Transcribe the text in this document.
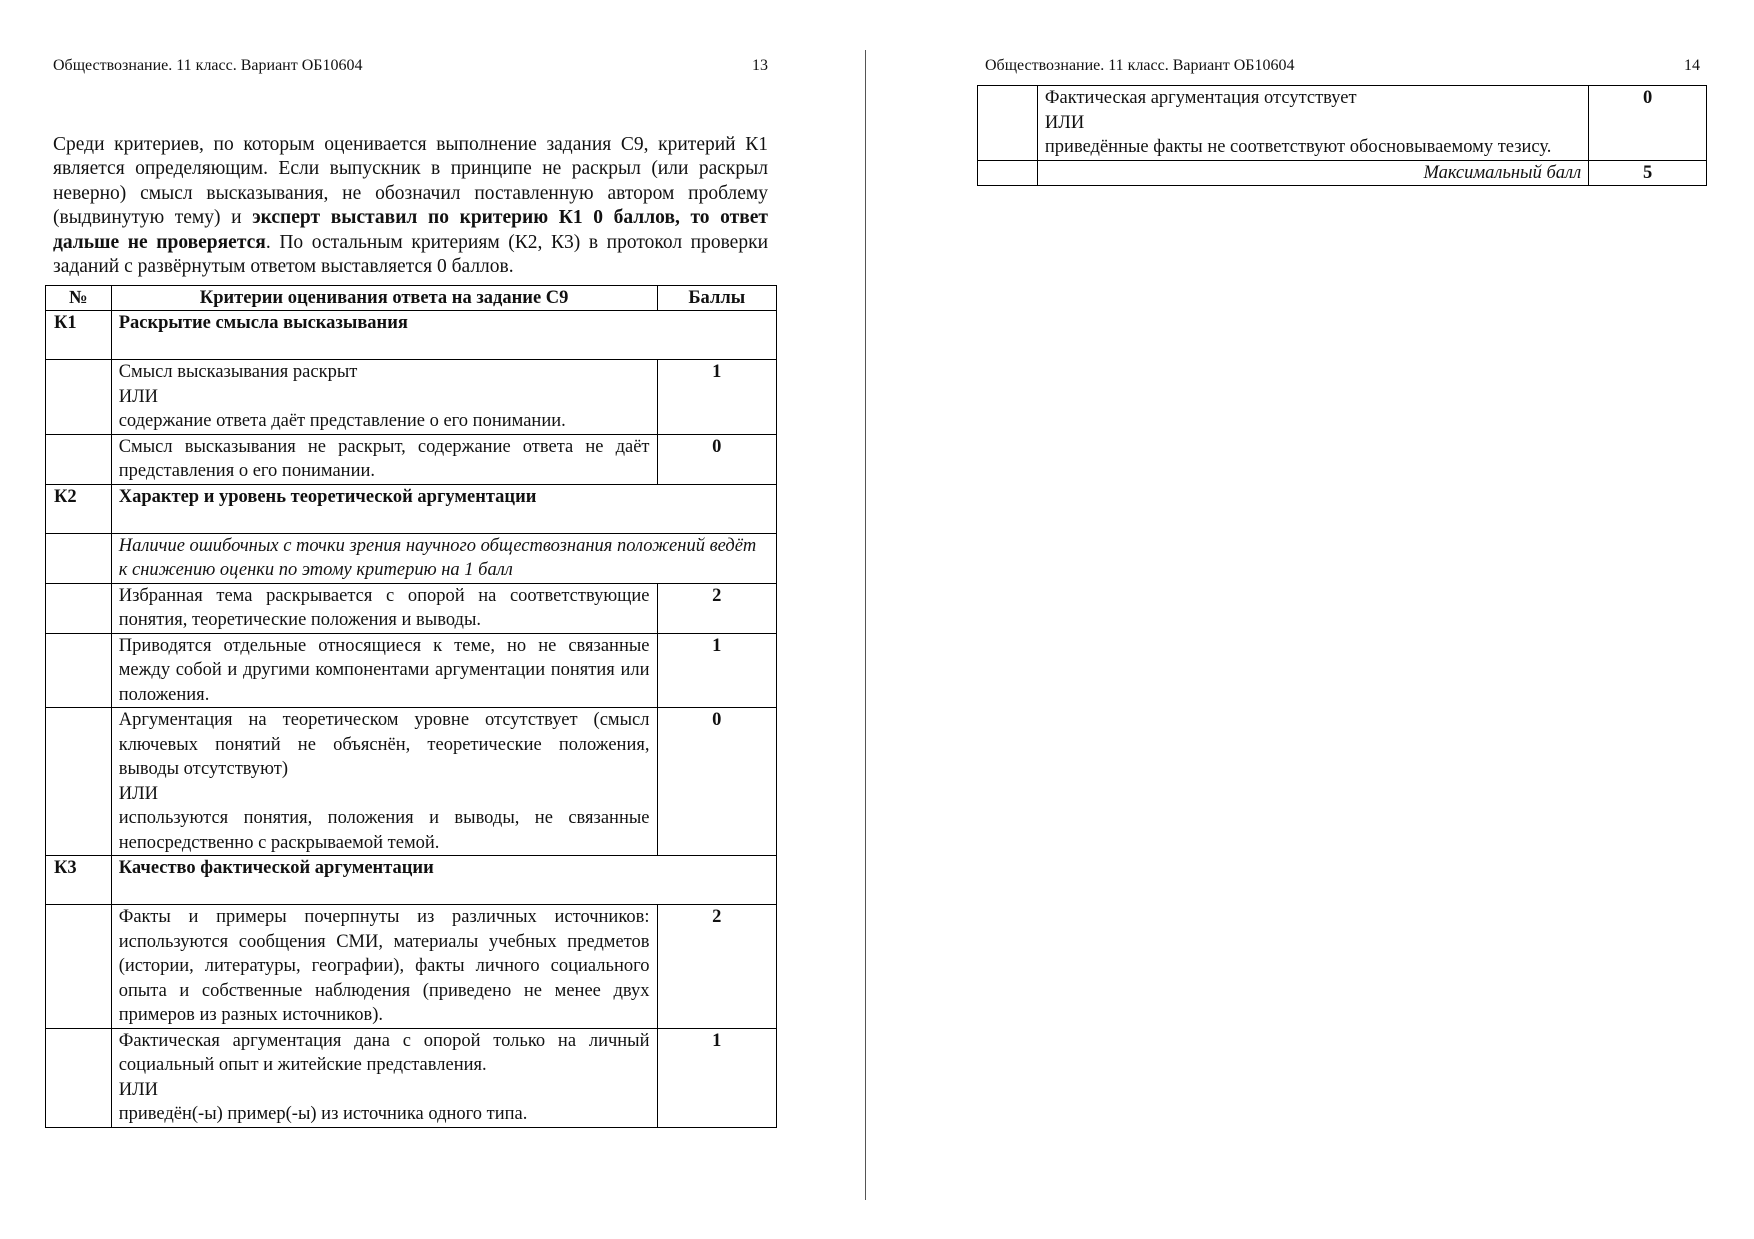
Обществознание. 11 класс. Вариант ОБ10604	13

Среди критериев, по которым оценивается выполнение задания С9, критерий К1 является определяющим. Если выпускник в принципе не раскрыл (или раскрыл неверно) смысл высказывания, не обозначил поставленную автором проблему (выдвинутую тему) и эксперт выставил по критерию К1 0 баллов, то ответ дальше не проверяется. По остальным критериям (К2, К3) в протокол проверки заданий с развёрнутым ответом выставляется 0 баллов.

№	Критерии оценивания ответа на задание С9	Баллы
К1	Раскрытие смысла высказывания	

	Смысл высказывания раскрыт
ИЛИ
содержание ответа даёт представление о его понимании.	1
	Смысл высказывания не раскрыт, содержание ответа не даёт представления о его понимании.	0
К2	Характер и уровень теоретической аргументации	
	Наличие ошибочных с точки зрения научного обществознания положений ведёт к снижению оценки по этому критерию на 1 балл	
	Избранная тема раскрывается с опорой на соответствующие понятия, теоретические положения и выводы.	2
	Приводятся отдельные относящиеся к теме, но не связанные между собой и другими компонентами аргументации понятия или положения.	1

	Аргументация на теоретическом уровне отсутствует (смысл ключевых понятий не объяснён, теоретические положения, выводы отсутствуют)
ИЛИ
используются понятия, положения и выводы, не связанные непосредственно с раскрываемой темой.	0
К3	Качество фактической аргументации	
	Факты и примеры почерпнуты из различных источников: используются сообщения СМИ, материалы учебных предметов (истории, литературы, географии), факты личного социального опыта и собственные наблюдения (приведено не менее двух примеров из разных источников).	2

	Фактическая аргументация дана с опорой только на личный социальный опыт и житейские представления.
ИЛИ
приведён(-ы) пример(-ы) из источника одного типа.	1
Обществознание. 11 класс. Вариант ОБ10604	14

	Фактическая аргументация отсутствует
ИЛИ
приведённые факты не соответствуют обосновываемому тезису.	0
	Максимальный балл	5
